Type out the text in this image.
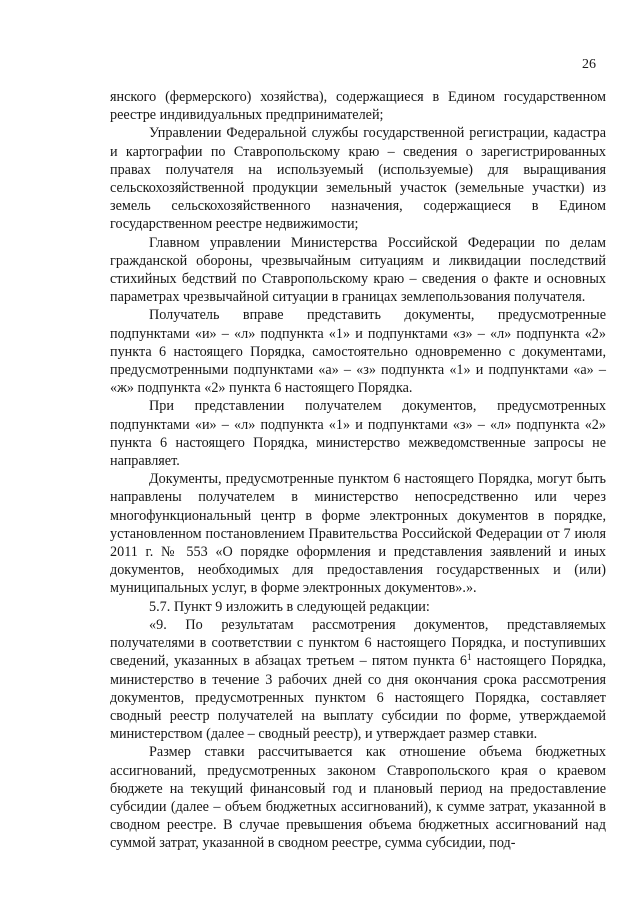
26

янского (фермерского) хозяйства), содержащиеся в Едином государственном реестре индивидуальных предпринимателей;

Управлении Федеральной службы государственной регистрации, кадастра и картографии по Ставропольскому краю – сведения о зарегистрированных правах получателя на используемый (используемые) для выращивания сельскохозяйственной продукции земельный участок (земельные участки) из земель сельскохозяйственного назначения, содержащиеся в Едином государственном реестре недвижимости;

Главном управлении Министерства Российской Федерации по делам гражданской обороны, чрезвычайным ситуациям и ликвидации последствий стихийных бедствий по Ставропольскому краю – сведения о факте и основных параметрах чрезвычайной ситуации в границах землепользования получателя.

Получатель вправе представить документы, предусмотренные подпунктами «и» – «л» подпункта «1» и подпунктами «з» – «л» подпункта «2» пункта 6 настоящего Порядка, самостоятельно одновременно с документами, предусмотренными подпунктами «а» – «з» подпункта «1» и подпунктами «а» – «ж» подпункта «2» пункта 6 настоящего Порядка.

При представлении получателем документов, предусмотренных подпунктами «и» – «л» подпункта «1» и подпунктами «з» – «л» подпункта «2» пункта 6 настоящего Порядка, министерство межведомственные запросы не направляет.

Документы, предусмотренные пунктом 6 настоящего Порядка, могут быть направлены получателем в министерство непосредственно или через многофункциональный центр в форме электронных документов в порядке, установленном постановлением Правительства Российской Федерации от 7 июля 2011 г. № 553 «О порядке оформления и представления заявлений и иных документов, необходимых для предоставления государственных и (или) муниципальных услуг, в форме электронных документов».».

5.7. Пункт 9 изложить в следующей редакции:

«9. По результатам рассмотрения документов, представляемых получателями в соответствии с пунктом 6 настоящего Порядка, и поступивших сведений, указанных в абзацах третьем – пятом пункта $6^1$ настоящего Порядка, министерство в течение 3 рабочих дней со дня окончания срока рассмотрения документов, предусмотренных пунктом 6 настоящего Порядка, составляет сводный реестр получателей на выплату субсидии по форме, утверждаемой министерством (далее – сводный реестр), и утверждает размер ставки.

Размер ставки рассчитывается как отношение объема бюджетных ассигнований, предусмотренных законом Ставропольского края о краевом бюджете на текущий финансовый год и плановый период на предоставление субсидии (далее – объем бюджетных ассигнований), к сумме затрат, указанной в сводном реестре. В случае превышения объема бюджетных ассигнований над суммой затрат, указанной в сводном реестре, сумма субсидии, под-
